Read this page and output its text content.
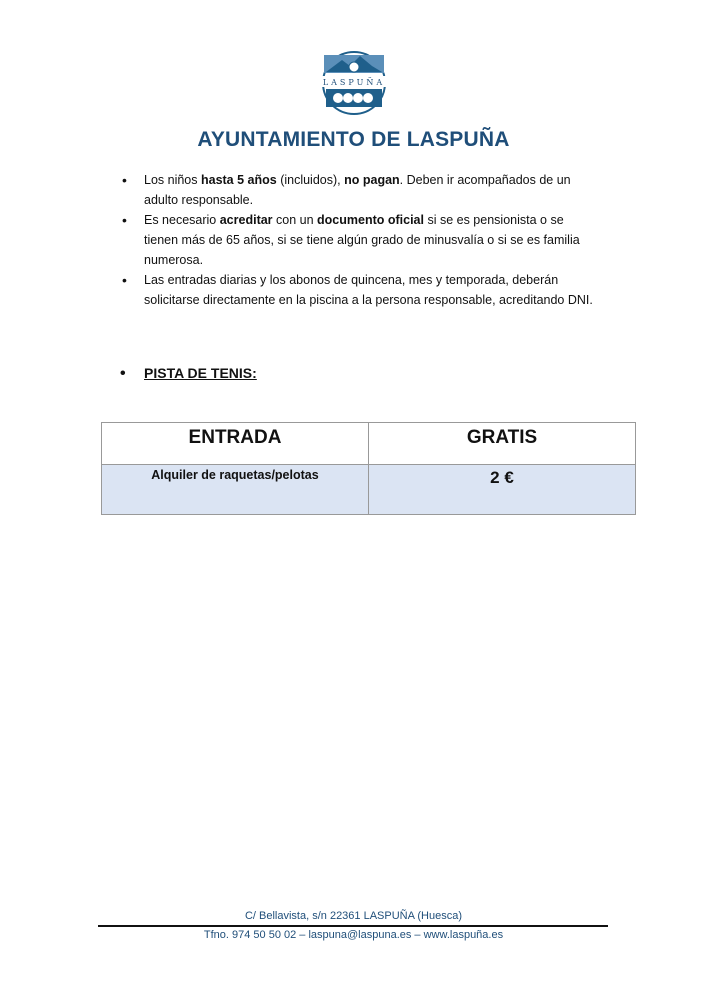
LASPUÑA
AYUNTAMIENTO DE LASPUÑA
• Los niños hasta 5 años (incluidos), no pagan. Deben ir acompañados de un adulto responsable.
• Es necesario acreditar con un documento oficial si se es pensionista o se tienen más de 65 años, si se tiene algún grado de minusvalía o si se es familia numerosa.
• Las entradas diarias y los abonos de quincena, mes y temporada, deberán solicitarse directamente en la piscina a la persona responsable, acreditando DNI.
• PISTA DE TENIS:
ENTRADA	GRATIS
Alquiler de raquetas/pelotas	2 €
C/ Bellavista, s/n 22361 LASPUÑA (Huesca)
Tfno. 974 50 50 02 – laspuna@laspuna.es – www.laspuña.es
